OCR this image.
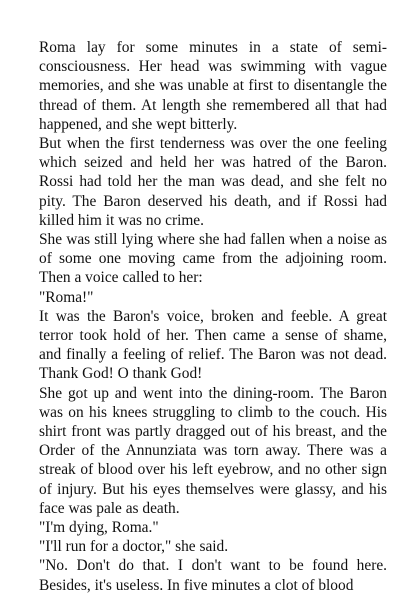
Roma lay for some minutes in a state of semi-consciousness. Her head was swimming with vague memories, and she was unable at first to disentangle the thread of them. At length she remembered all that had happened, and she wept bitterly.

But when the first tenderness was over the one feeling which seized and held her was hatred of the Baron. Rossi had told her the man was dead, and she felt no pity. The Baron deserved his death, and if Rossi had killed him it was no crime.

She was still lying where she had fallen when a noise as of some one moving came from the adjoining room. Then a voice called to her:

"Roma!"

It was the Baron's voice, broken and feeble. A great terror took hold of her. Then came a sense of shame, and finally a feeling of relief. The Baron was not dead. Thank God! O thank God!

She got up and went into the dining-room. The Baron was on his knees struggling to climb to the couch. His shirt front was partly dragged out of his breast, and the Order of the Annunziata was torn away. There was a streak of blood over his left eyebrow, and no other sign of injury. But his eyes themselves were glassy, and his face was pale as death.

"I'm dying, Roma."

"I'll run for a doctor," she said.

"No. Don't do that. I don't want to be found here. Besides, it's useless. In five minutes a clot of blood
